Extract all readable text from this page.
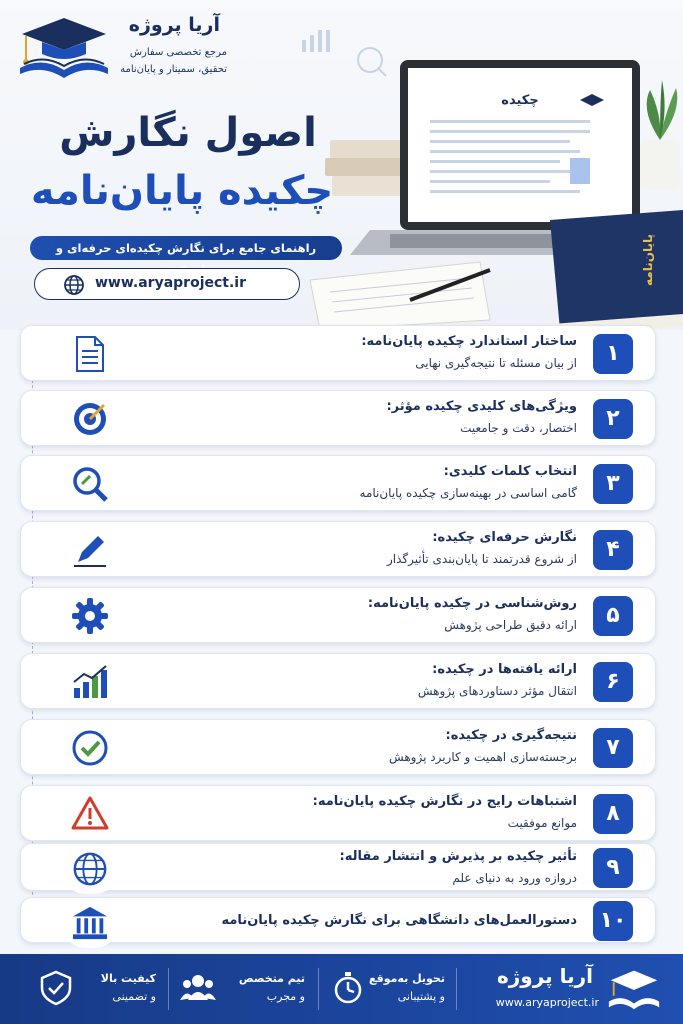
آریا پروژه
مرجع تخصصی سفارش
تحقیق، سمینار و پایان‌نامه
چکیده
پایان‌نامه
اصول نگارش
چکیده پایان‌نامه
راهنمای جامع برای نگارش چکیده‌ای حرفه‌ای و
www.aryaproject.ir
ساختار استاندارد چکیده پایان‌نامه:
از بیان مسئله تا نتیجه‌گیری نهایی	۱
ویژگی‌های کلیدی چکیده مؤثر:
اختصار، دقت و جامعیت	۲
انتخاب کلمات کلیدی:
گامی اساسی در بهینه‌سازی چکیده پایان‌نامه	۳
نگارش حرفه‌ای چکیده:
از شروع قدرتمند تا پایان‌بندی تأثیرگذار	۴
روش‌شناسی در چکیده پایان‌نامه:
ارائه دقیق طراحی پژوهش	۵
ارائه یافته‌ها در چکیده:
انتقال مؤثر دستاوردهای پژوهش	۶
نتیجه‌گیری در چکیده:
برجسته‌سازی اهمیت و کاربرد پژوهش	۷
اشتباهات رایج در نگارش چکیده پایان‌نامه:
موانع موفقیت	۸
تأثیر چکیده بر پذیرش و انتشار مقاله:
دروازه ورود به دنیای علم	۹
دستورالعمل‌های دانشگاهی برای نگارش چکیده پایان‌نامه ۱۰
آریا پروژه
www.aryaproject.ir
تحویل به‌موقع
و پشتیبانی
تیم متخصص
و مجرب
کیفیت بالا
و تضمینی
